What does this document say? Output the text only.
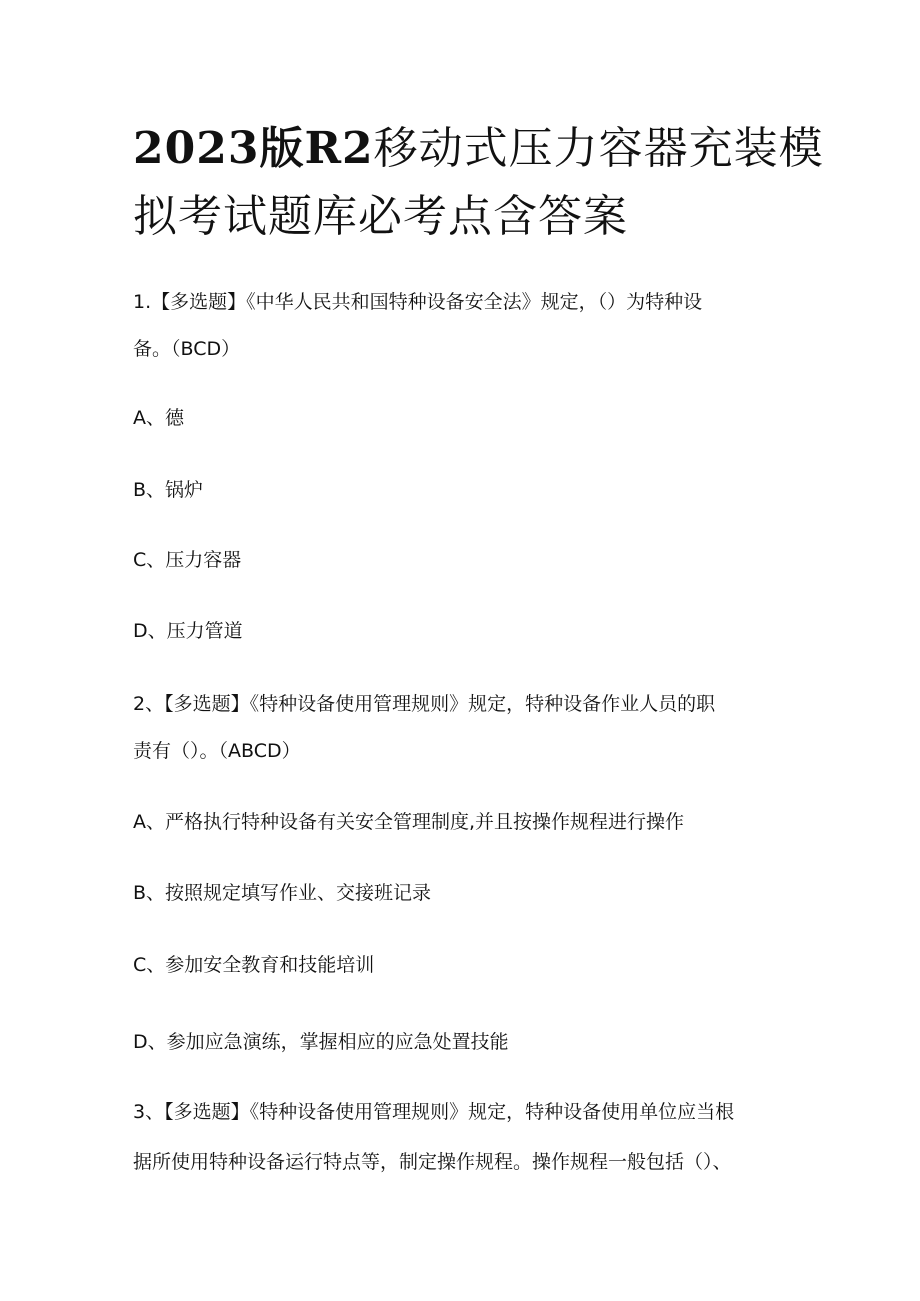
2023版R2移动式压力容器充装模
拟考试题库必考点含答案

1.【多选题】《中华人民共和国特种设备安全法》规定，（）为特种设

备。（BCD）

A、德

B、锅炉

C、压力容器

D、压力管道

2、【多选题】《特种设备使用管理规则》规定，特种设备作业人员的职

责有（）。（ABCD）

A、严格执行特种设备有关安全管理制度,并且按操作规程进行操作

B、按照规定填写作业、交接班记录

C、参加安全教育和技能培训

D、参加应急演练，掌握相应的应急处置技能

3、【多选题】《特种设备使用管理规则》规定，特种设备使用单位应当根

据所使用特种设备运行特点等，制定操作规程。操作规程一般包括（）、
